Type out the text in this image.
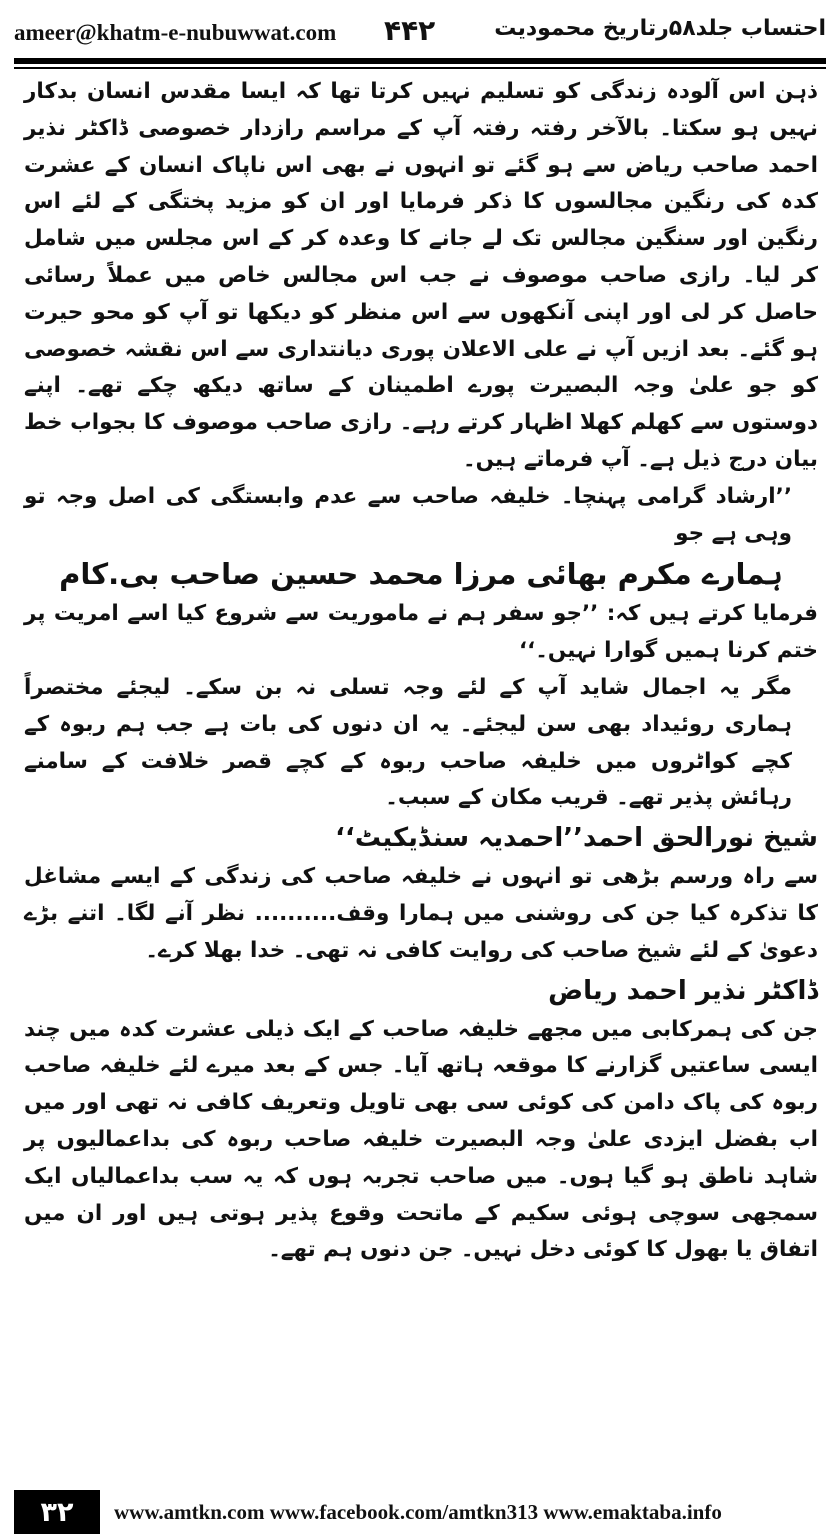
ameer@khatm-e-nubuwwat.com ۴۴۲	احتساب جلد۵۸رتاریخ محمودیت

ذہن اس آلودہ زندگی کو تسلیم نہیں کرتا تھا کہ ایسا مقدس انسان بدکار نہیں ہو سکتا۔ بالآخر رفتہ رفتہ آپ کے مراسم رازدار خصوصی ڈاکٹر نذیر احمد صاحب ریاض سے ہو گئے تو انہوں نے بھی اس ناپاک انسان کے عشرت کدہ کی رنگین مجالسوں کا ذکر فرمایا اور ان کو مزید پختگی کے لئے اس رنگین اور سنگین مجالس تک لے جانے کا وعدہ کر کے اس مجلس میں شامل کر لیا۔ رازی صاحب موصوف نے جب اس مجالس خاص میں عملاً رسائی حاصل کر لی اور اپنی آنکھوں سے اس منظر کو دیکھا تو آپ کو محو حیرت ہو گئے۔ بعد ازیں آپ نے علی الاعلان پوری دیانتداری سے اس نقشہ خصوصی کو جو علیٰ وجہ البصیرت پورے اطمینان کے ساتھ دیکھ چکے تھے۔ اپنے دوستوں سے کھلم کھلا اظہار کرتے رہے۔ رازی صاحب موصوف کا بجواب خط بیان درج ذیل ہے۔ آپ فرماتے ہیں۔

’’ارشاد گرامی پہنچا۔ خلیفہ صاحب سے عدم وابستگی کی اصل وجہ تو وہی ہے جو

ہمارے مکرم بھائی مرزا محمد حسین صاحب بی.کام

فرمایا کرتے ہیں کہ: ’’جو سفر ہم نے ماموریت سے شروع کیا اسے امریت پر ختم کرنا ہمیں گوارا نہیں۔‘‘

مگر یہ اجمال شاید آپ کے لئے وجہ تسلی نہ بن سکے۔ لیجئے مختصراً ہماری روئیداد بھی سن لیجئے۔ یہ ان دنوں کی بات ہے جب ہم ربوہ کے کچے کواٹروں میں خلیفہ صاحب ربوہ کے کچے قصر خلافت کے سامنے رہائش پذیر تھے۔ قریب مکان کے سبب۔

شیخ نورالحق احمد’’احمدیہ سنڈیکیٹ‘‘

سے راہ ورسم بڑھی تو انہوں نے خلیفہ صاحب کی زندگی کے ایسے مشاغل کا تذکرہ کیا جن کی روشنی میں ہمارا وقف.......... نظر آنے لگا۔ اتنے بڑے دعویٰ کے لئے شیخ صاحب کی روایت کافی نہ تھی۔ خدا بھلا کرے۔

ڈاکٹر نذیر احمد ریاض

جن کی ہمرکابی میں مجھے خلیفہ صاحب کے ایک ذیلی عشرت کدہ میں چند ایسی ساعتیں گزارنے کا موقعہ ہاتھ آیا۔ جس کے بعد میرے لئے خلیفہ صاحب ربوہ کی پاک دامن کی کوئی سی بھی تاویل وتعریف کافی نہ تھی اور میں اب بفضل ایزدی علیٰ وجہ البصیرت خلیفہ صاحب ربوہ کی بداعمالیوں پر شاہد ناطق ہو گیا ہوں۔ میں صاحب تجربہ ہوں کہ یہ سب بداعمالیاں ایک سمجھی سوچی ہوئی سکیم کے ماتحت وقوع پذیر ہوتی ہیں اور ان میں اتفاق یا بھول کا کوئی دخل نہیں۔ جن دنوں ہم تھے۔

۳۲	www.amtkn.com www.facebook.com/amtkn313 www.emaktaba.info
